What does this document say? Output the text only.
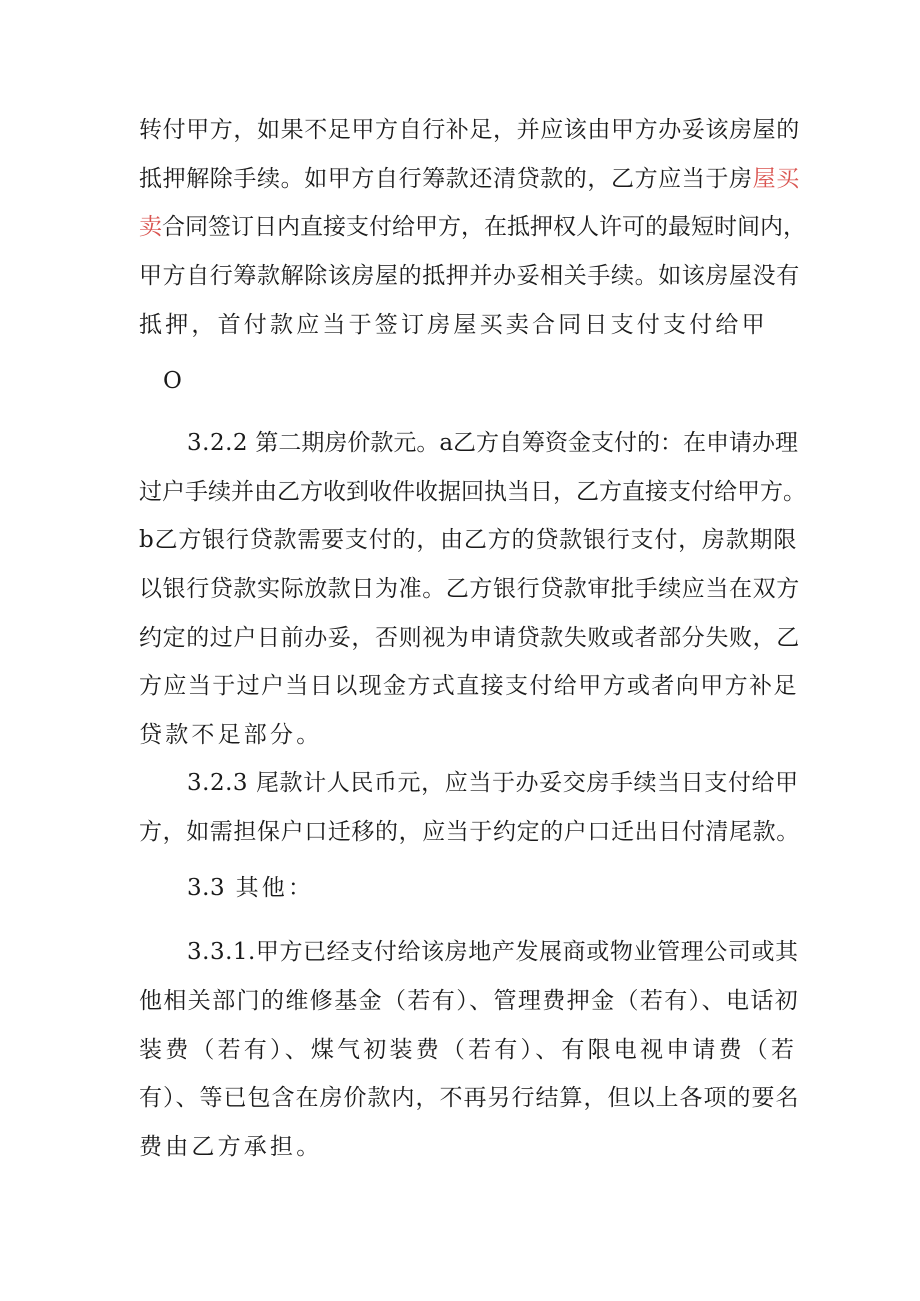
转付甲方，如果不足甲方自行补足，并应该由甲方办妥该房屋的
抵押解除手续。如甲方自行筹款还清贷款的，乙方应当于房屋买
卖合同签订日内直接支付给甲方，在抵押权人许可的最短时间内，
甲方自行筹款解除该房屋的抵押并办妥相关手续。如该房屋没有
抵押，首付款应当于签订房屋买卖合同日支付支付给甲
O
3.2.2 第二期房价款元。a乙方自筹资金支付的：在申请办理
过户手续并由乙方收到收件收据回执当日，乙方直接支付给甲方。
b乙方银行贷款需要支付的，由乙方的贷款银行支付，房款期限
以银行贷款实际放款日为准。乙方银行贷款审批手续应当在双方
约定的过户日前办妥，否则视为申请贷款失败或者部分失败，乙
方应当于过户当日以现金方式直接支付给甲方或者向甲方补足
贷款不足部分。
3.2.3 尾款计人民币元，应当于办妥交房手续当日支付给甲
方，如需担保户口迁移的，应当于约定的户口迁出日付清尾款。
3.3 其他：
3.3.1.甲方已经支付给该房地产发展商或物业管理公司或其
他相关部门的维修基金（若有）、管理费押金（若有）、电话初
装费（若有）、煤气初装费（若有）、有限电视申请费（若
有）、等已包含在房价款内，不再另行结算，但以上各项的要名
费由乙方承担。
